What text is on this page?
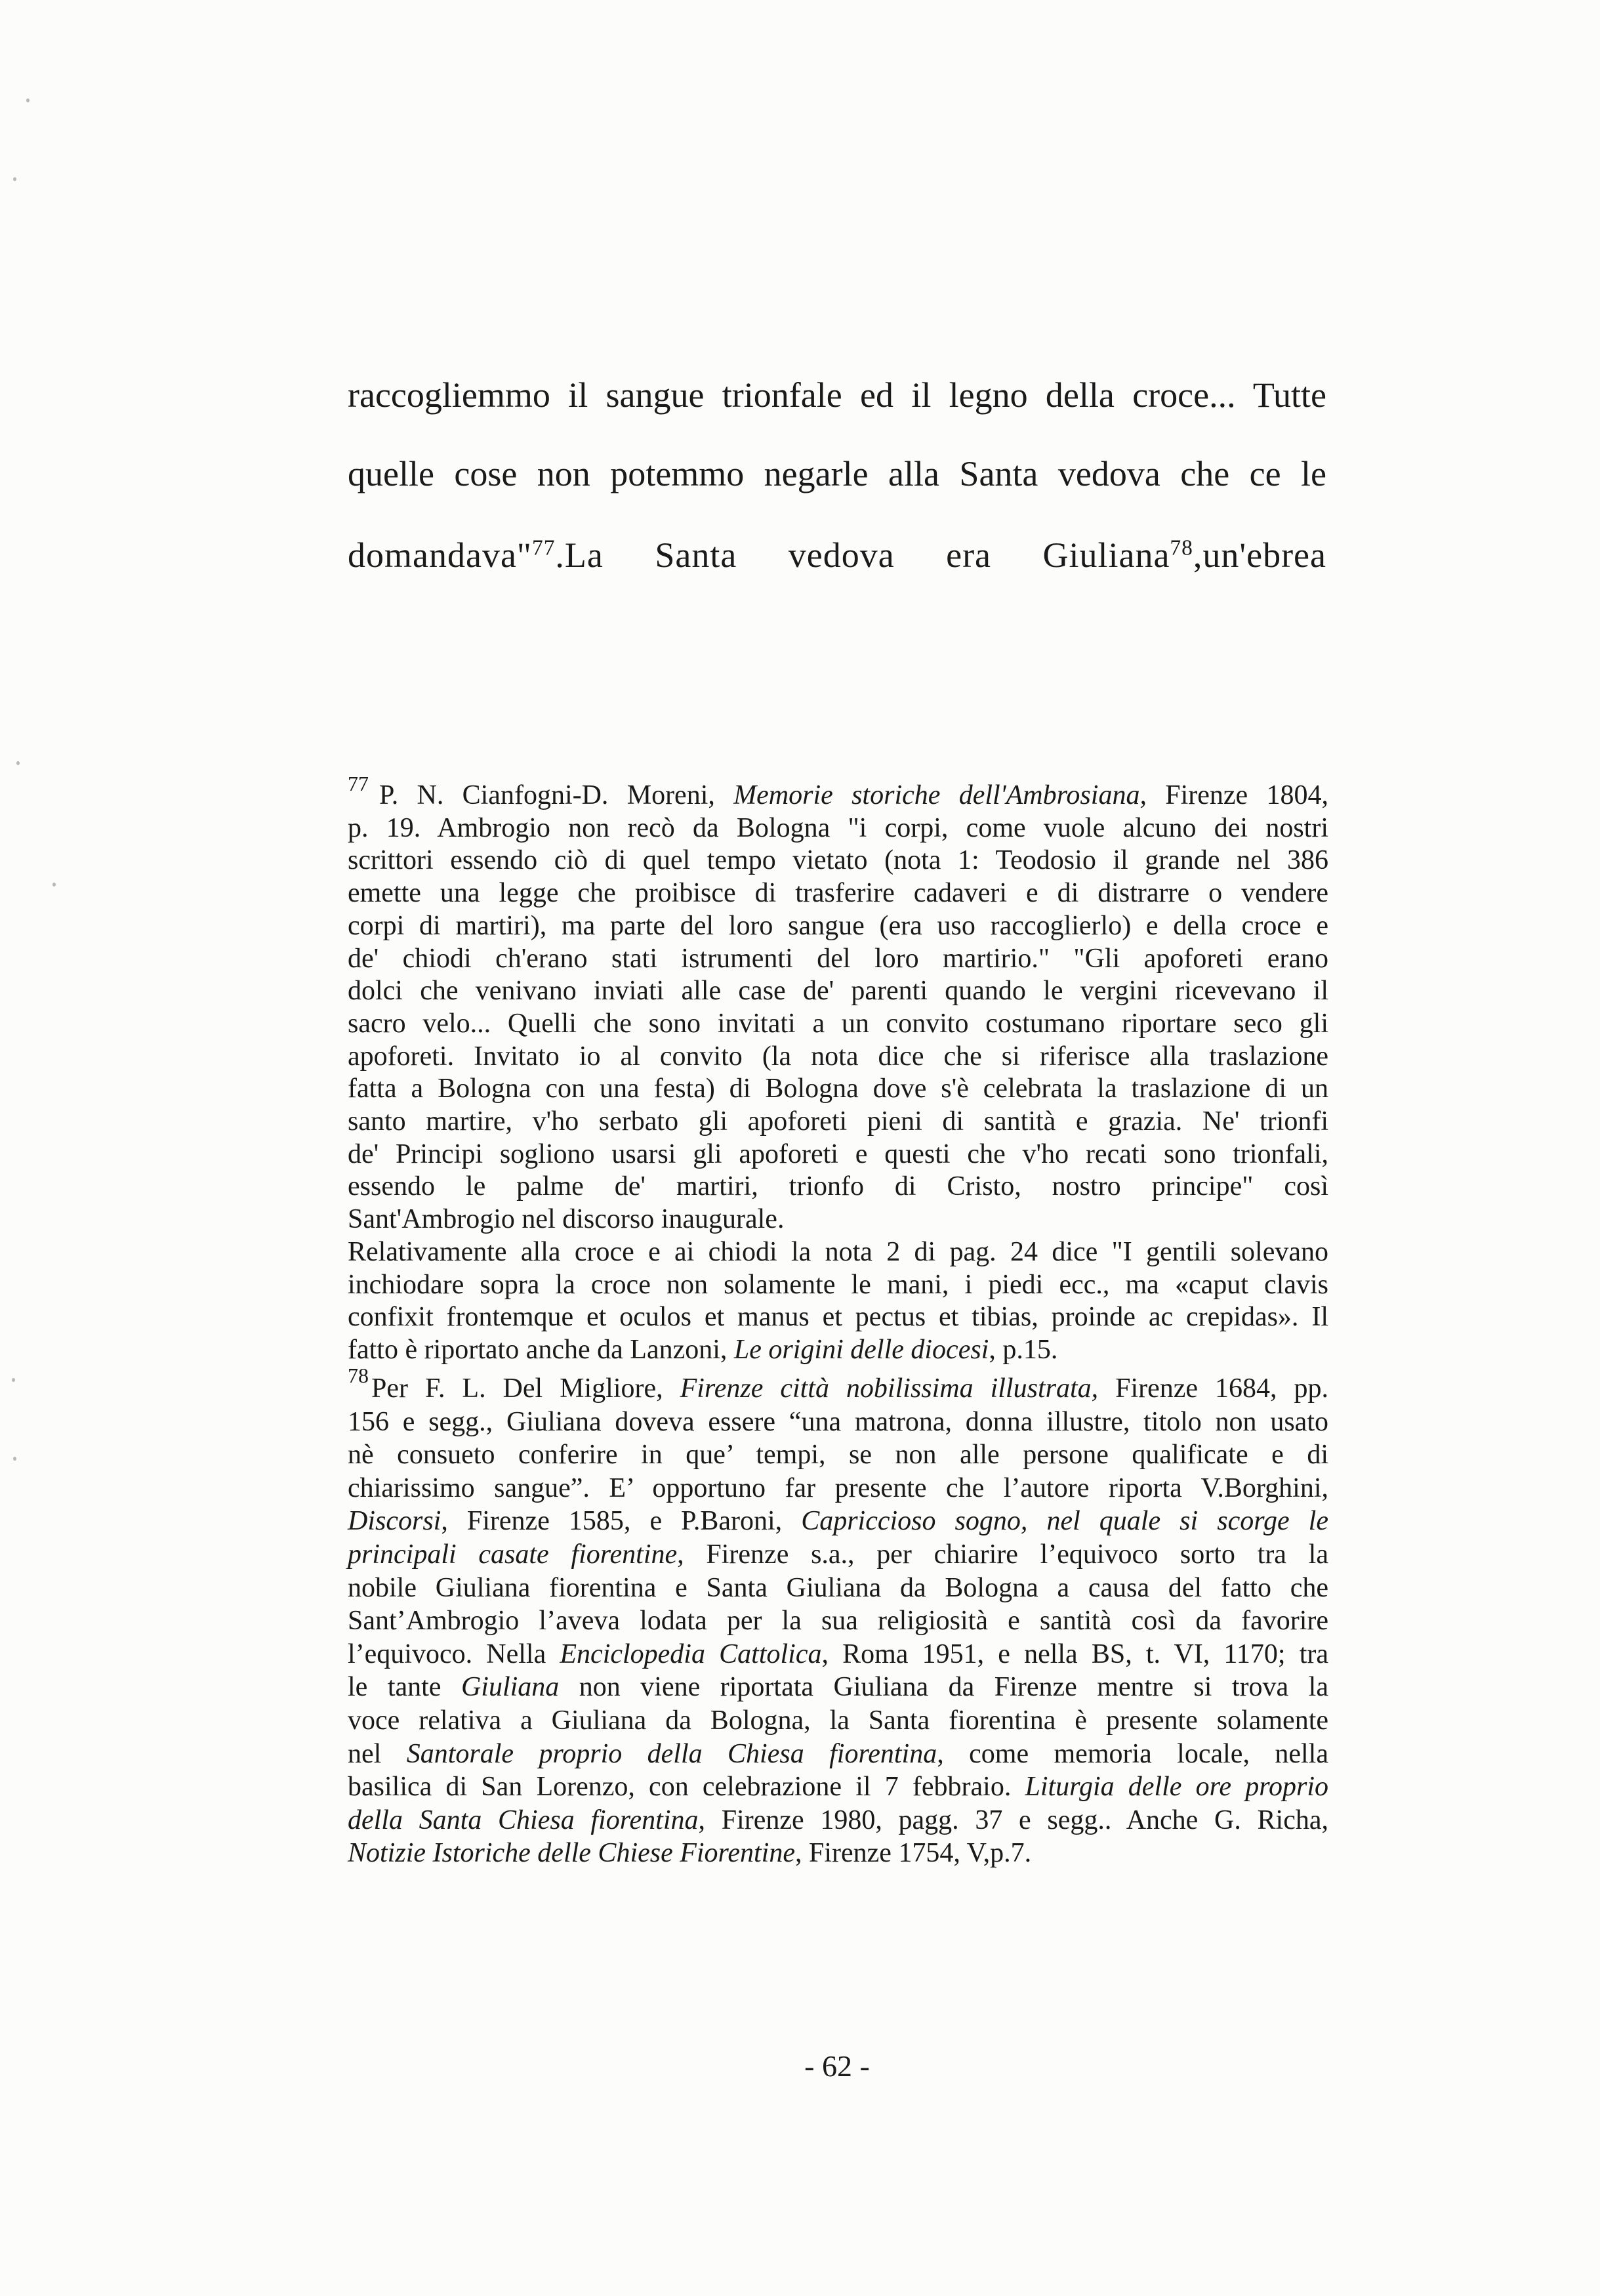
raccogliemmo il sangue trionfale ed il legno della croce... Tutte
quelle cose non potemmo negarle alla Santa vedova che ce le
domandava"$^{77}$.La Santa vedova era Giuliana$^{78}$,un'ebrea
77 P. N. Cianfogni-D. Moreni, Memorie storiche dell'Ambrosiana, Firenze 1804,
p. 19. Ambrogio non recò da Bologna "i corpi, come vuole alcuno dei nostri
scrittori essendo ciò di quel tempo vietato (nota 1: Teodosio il grande nel 386
emette una legge che proibisce di trasferire cadaveri e di distrarre o vendere
corpi di martiri), ma parte del loro sangue (era uso raccoglierlo) e della croce e
de' chiodi ch'erano stati istrumenti del loro martirio." "Gli apoforeti erano
dolci che venivano inviati alle case de' parenti quando le vergini ricevevano il
sacro velo... Quelli che sono invitati a un convito costumano riportare seco gli
apoforeti. Invitato io al convito (la nota dice che si riferisce alla traslazione
fatta a Bologna con una festa) di Bologna dove s'è celebrata la traslazione di un
santo martire, v'ho serbato gli apoforeti pieni di santità e grazia. Ne' trionfi
de' Principi sogliono usarsi gli apoforeti e questi che v'ho recati sono trionfali,
essendo le palme de' martiri, trionfo di Cristo, nostro principe" così
Sant'Ambrogio nel discorso inaugurale.
Relativamente alla croce e ai chiodi la nota 2 di pag. 24 dice "I gentili solevano
inchiodare sopra la croce non solamente le mani, i piedi ecc., ma «caput clavis
confixit frontemque et oculos et manus et pectus et tibias, proinde ac crepidas». Il
fatto è riportato anche da Lanzoni, Le origini delle diocesi, p.15.
78 Per F. L. Del Migliore, Firenze città nobilissima illustrata, Firenze 1684, pp.
156 e segg., Giuliana doveva essere “una matrona, donna illustre, titolo non usato
nè consueto conferire in que’ tempi, se non alle persone qualificate e di
chiarissimo sangue”. E’ opportuno far presente che l’autore riporta V.Borghini,
Discorsi, Firenze 1585, e P.Baroni, Capriccioso sogno, nel quale si scorge le
principali casate fiorentine, Firenze s.a., per chiarire l’equivoco sorto tra la
nobile Giuliana fiorentina e Santa Giuliana da Bologna a causa del fatto che
Sant’Ambrogio l’aveva lodata per la sua religiosità e santità così da favorire
l’equivoco. Nella Enciclopedia Cattolica, Roma 1951, e nella BS, t. VI, 1170; tra
le tante Giuliana non viene riportata Giuliana da Firenze mentre si trova la
voce relativa a Giuliana da Bologna, la Santa fiorentina è presente solamente
nel Santorale proprio della Chiesa fiorentina, come memoria locale, nella
basilica di San Lorenzo, con celebrazione il 7 febbraio. Liturgia delle ore proprio
della Santa Chiesa fiorentina, Firenze 1980, pagg. 37 e segg.. Anche G. Richa,
Notizie Istoriche delle Chiese Fiorentine, Firenze 1754, V,p.7.
- 62 -
